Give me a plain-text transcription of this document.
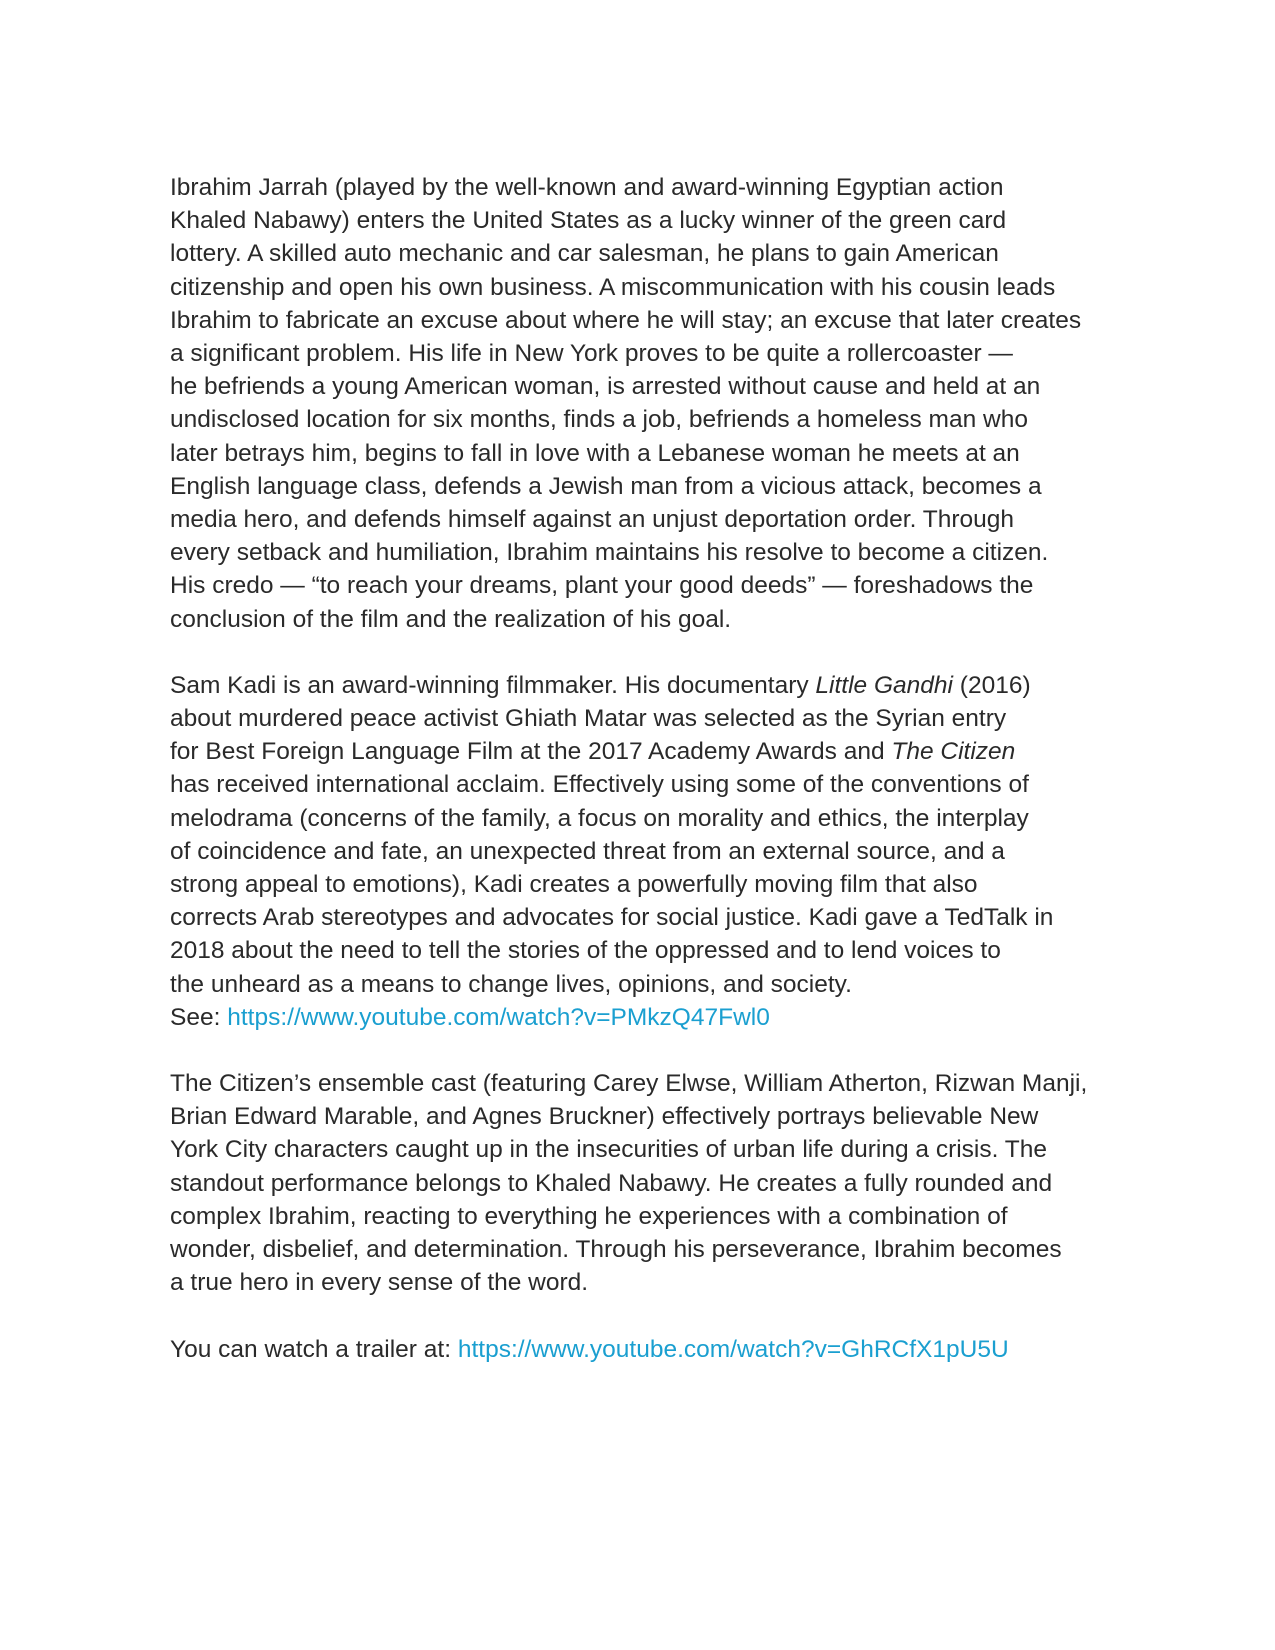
Ibrahim Jarrah (played by the well-known and award-winning Egyptian action
Khaled Nabawy) enters the United States as a lucky winner of the green card
lottery. A skilled auto mechanic and car salesman, he plans to gain American
citizenship and open his own business. A miscommunication with his cousin leads
Ibrahim to fabricate an excuse about where he will stay; an excuse that later creates
a significant problem. His life in New York proves to be quite a rollercoaster —
he befriends a young American woman, is arrested without cause and held at an
undisclosed location for six months, finds a job, befriends a homeless man who
later betrays him, begins to fall in love with a Lebanese woman he meets at an
English language class, defends a Jewish man from a vicious attack, becomes a
media hero, and defends himself against an unjust deportation order. Through
every setback and humiliation, Ibrahim maintains his resolve to become a citizen.
His credo — “to reach your dreams, plant your good deeds” — foreshadows the
conclusion of the film and the realization of his goal.

Sam Kadi is an award-winning filmmaker. His documentary Little Gandhi (2016)
about murdered peace activist Ghiath Matar was selected as the Syrian entry
for Best Foreign Language Film at the 2017 Academy Awards and The Citizen
has received international acclaim. Effectively using some of the conventions of
melodrama (concerns of the family, a focus on morality and ethics, the interplay
of coincidence and fate, an unexpected threat from an external source, and a
strong appeal to emotions), Kadi creates a powerfully moving film that also
corrects Arab stereotypes and advocates for social justice. Kadi gave a TedTalk in
2018 about the need to tell the stories of the oppressed and to lend voices to
the unheard as a means to change lives, opinions, and society.
See: https://www.youtube.com/watch?v=PMkzQ47Fwl0

The Citizen’s ensemble cast (featuring Carey Elwse, William Atherton, Rizwan Manji,
Brian Edward Marable, and Agnes Bruckner) effectively portrays believable New
York City characters caught up in the insecurities of urban life during a crisis. The
standout performance belongs to Khaled Nabawy. He creates a fully rounded and
complex Ibrahim, reacting to everything he experiences with a combination of
wonder, disbelief, and determination. Through his perseverance, Ibrahim becomes
a true hero in every sense of the word.

You can watch a trailer at: https://www.youtube.com/watch?v=GhRCfX1pU5U
